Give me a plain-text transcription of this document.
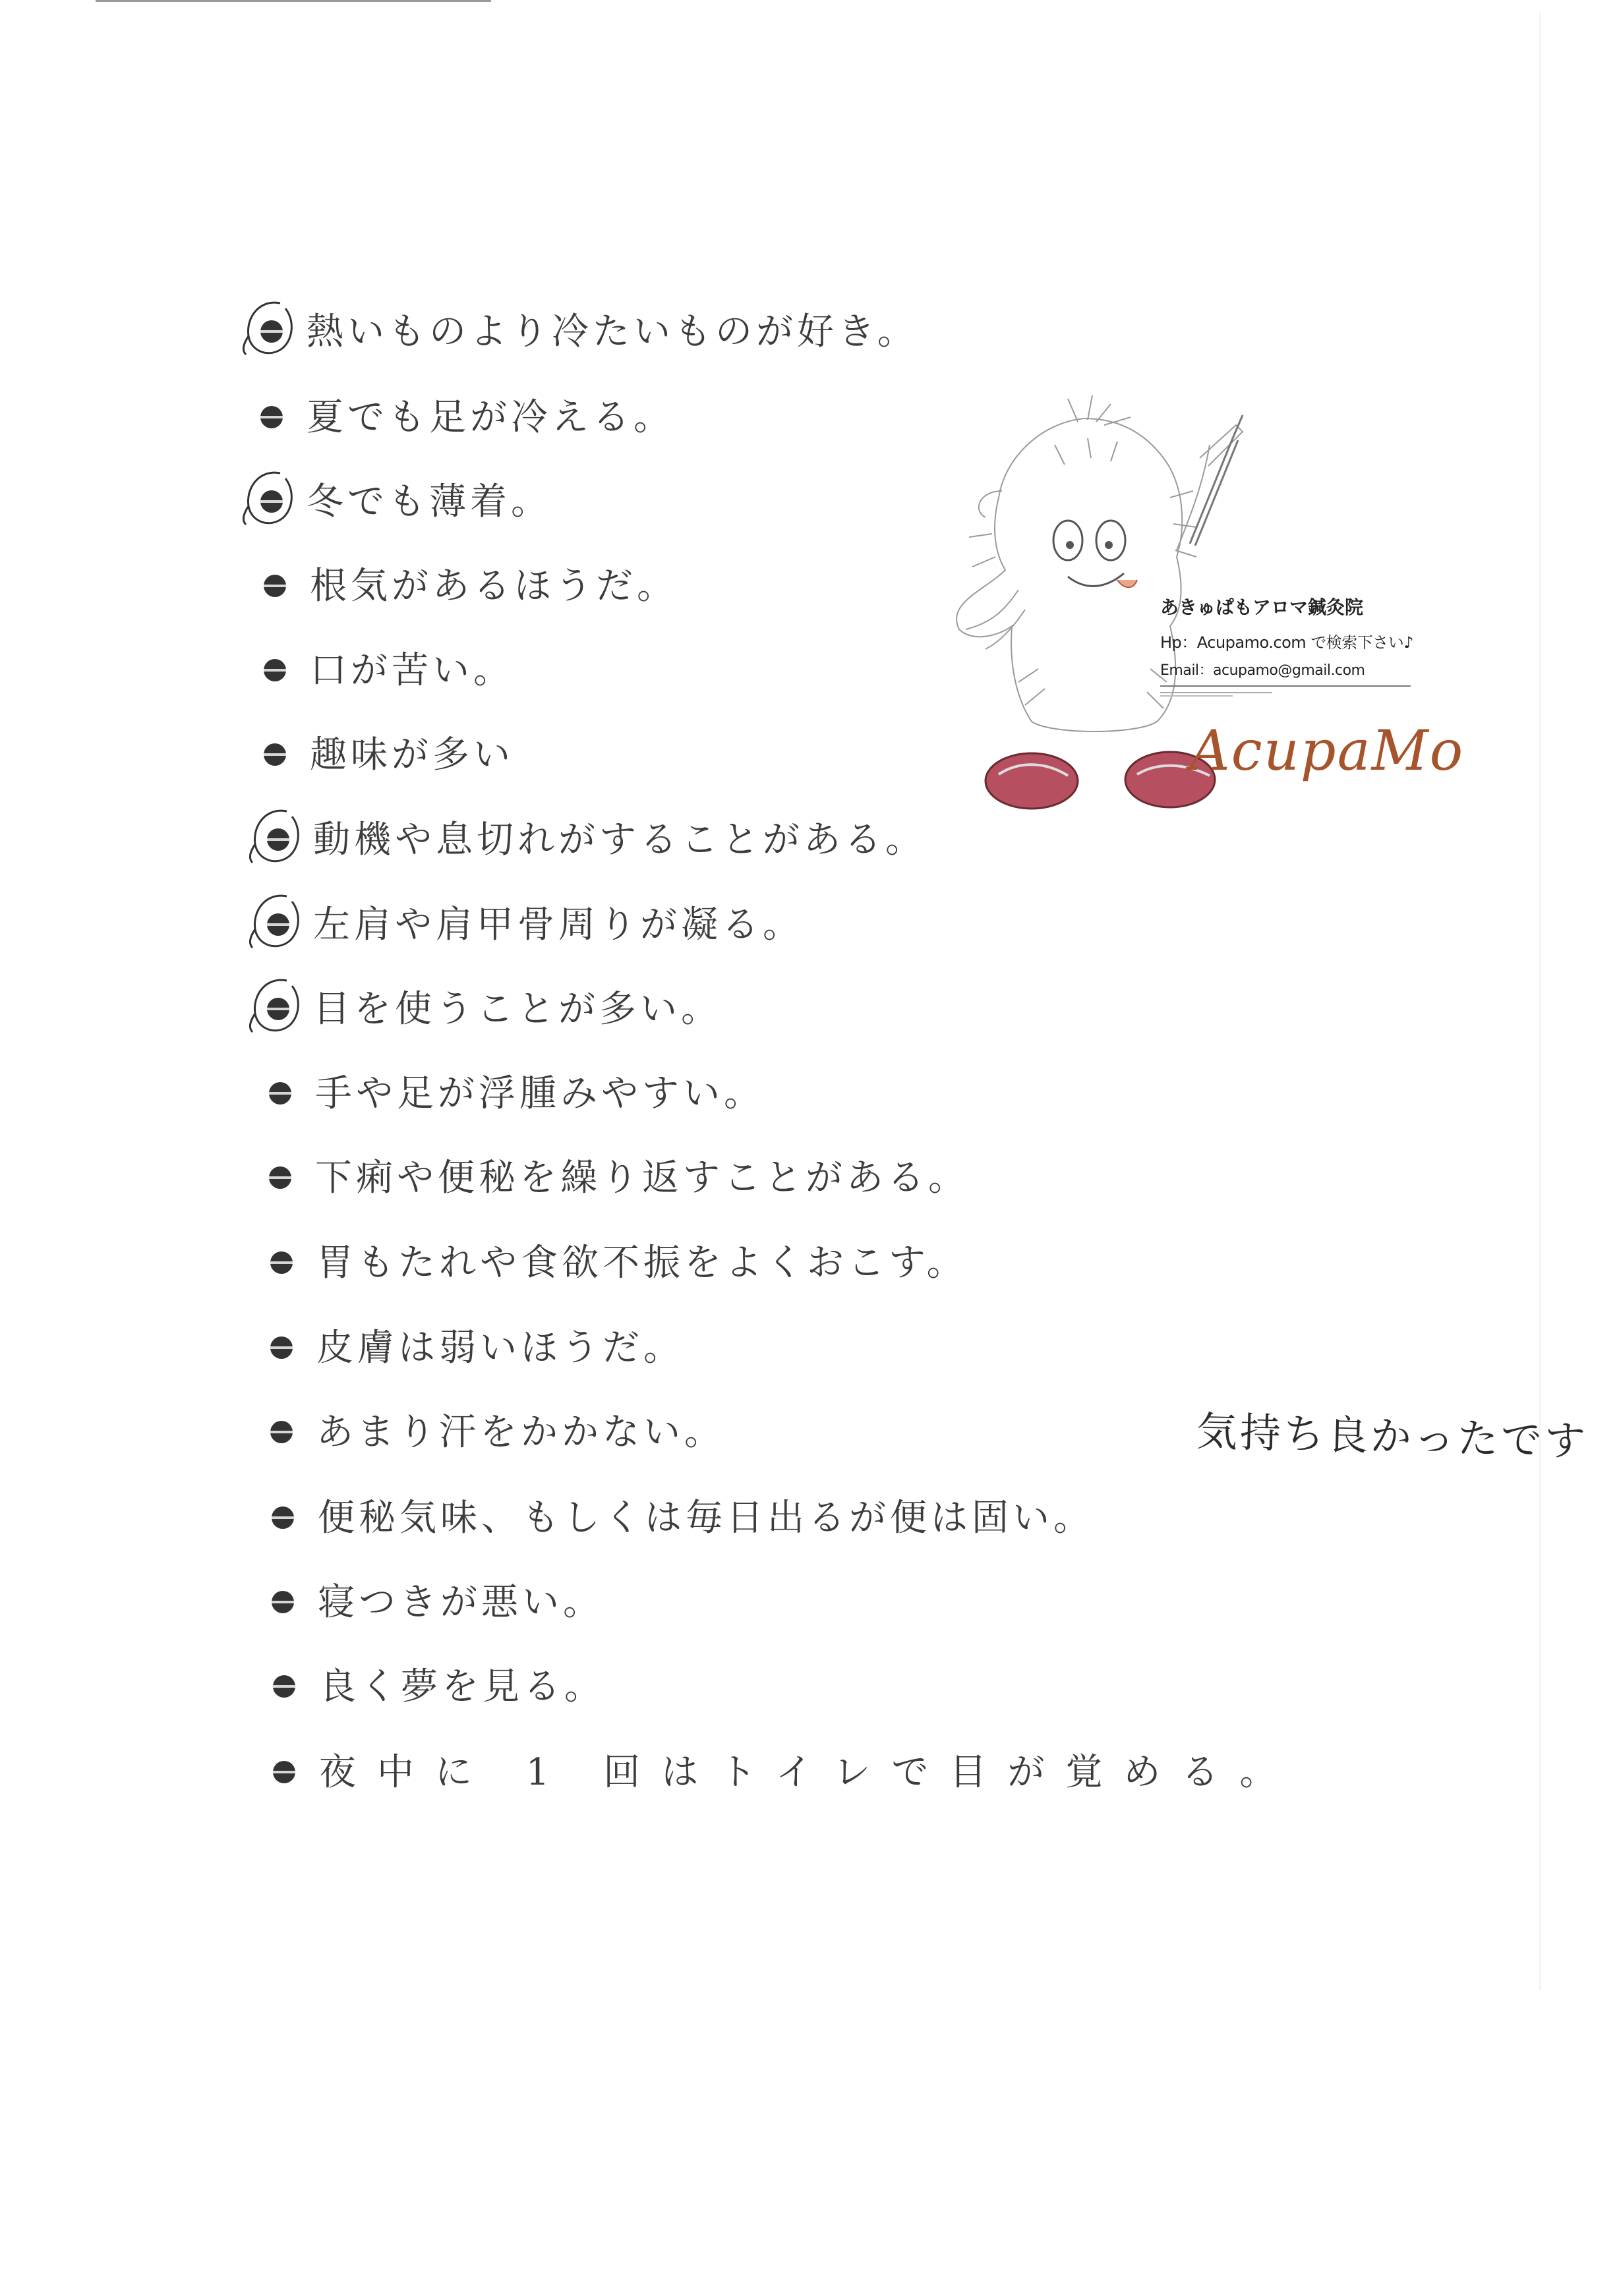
熱いものより冷たいものが好き。
夏でも足が冷える。
冬でも薄着。
根気があるほうだ。
口が苦い。
趣味が多い
動機や息切れがすることがある。
左肩や肩甲骨周りが凝る。
目を使うことが多い。
手や足が浮腫みやすい。
下痢や便秘を繰り返すことがある。
胃もたれや食欲不振をよくおこす。
皮膚は弱いほうだ。
あまり汗をかかない。
便秘気味、もしくは毎日出るが便は固い。
寝つきが悪い。
良く夢を見る。
夜中に 1 回はトイレで目が覚める。
あきゅぱもアロマ鍼灸院
Hp：Acupamo.com で検索下さい♪
Email：acupamo@gmail.com
AcupaMo
気持ち良かったです
